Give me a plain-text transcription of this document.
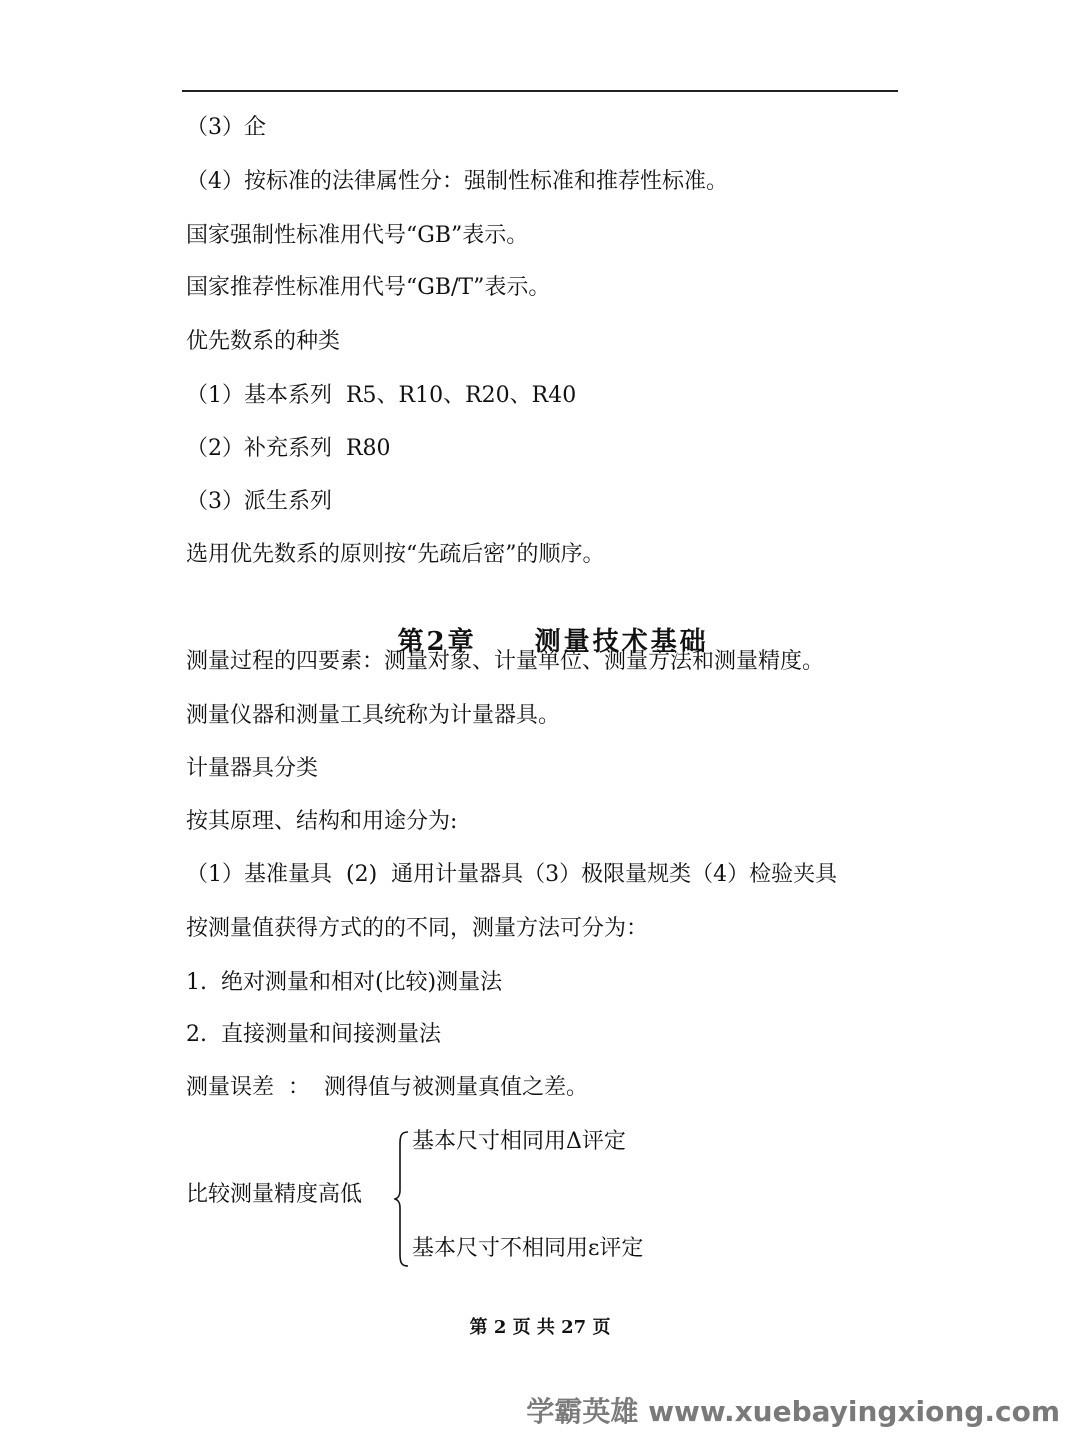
（3）企
（4）按标准的法律属性分：强制性标准和推荐性标准。
国家强制性标准用代号“GB”表示。
国家推荐性标准用代号“GB/T”表示。
优先数系的种类
（1）基本系列  R5、R10、R20、R40
（2）补充系列  R80
（3）派生系列
选用优先数系的原则按“先疏后密”的顺序。

第2章 测量技术基础

测量过程的四要素：测量对象、计量单位、测量方法和测量精度。
测量仪器和测量工具统称为计量器具。
计量器具分类
按其原理、结构和用途分为:
（1）基准量具  (2)  通用计量器具（3）极限量规类（4）检验夹具
按测量值获得方式的的不同，测量方法可分为：
1.  绝对测量和相对(比较)测量法
2.  直接测量和间接测量法
测量误差  ：  测得值与被测量真值之差。
比较测量精度高低
基本尺寸相同用Δ评定
基本尺寸不相同用ε评定
第 2 页 共 27 页
学霸英雄 www.xuebayingxiong.com
